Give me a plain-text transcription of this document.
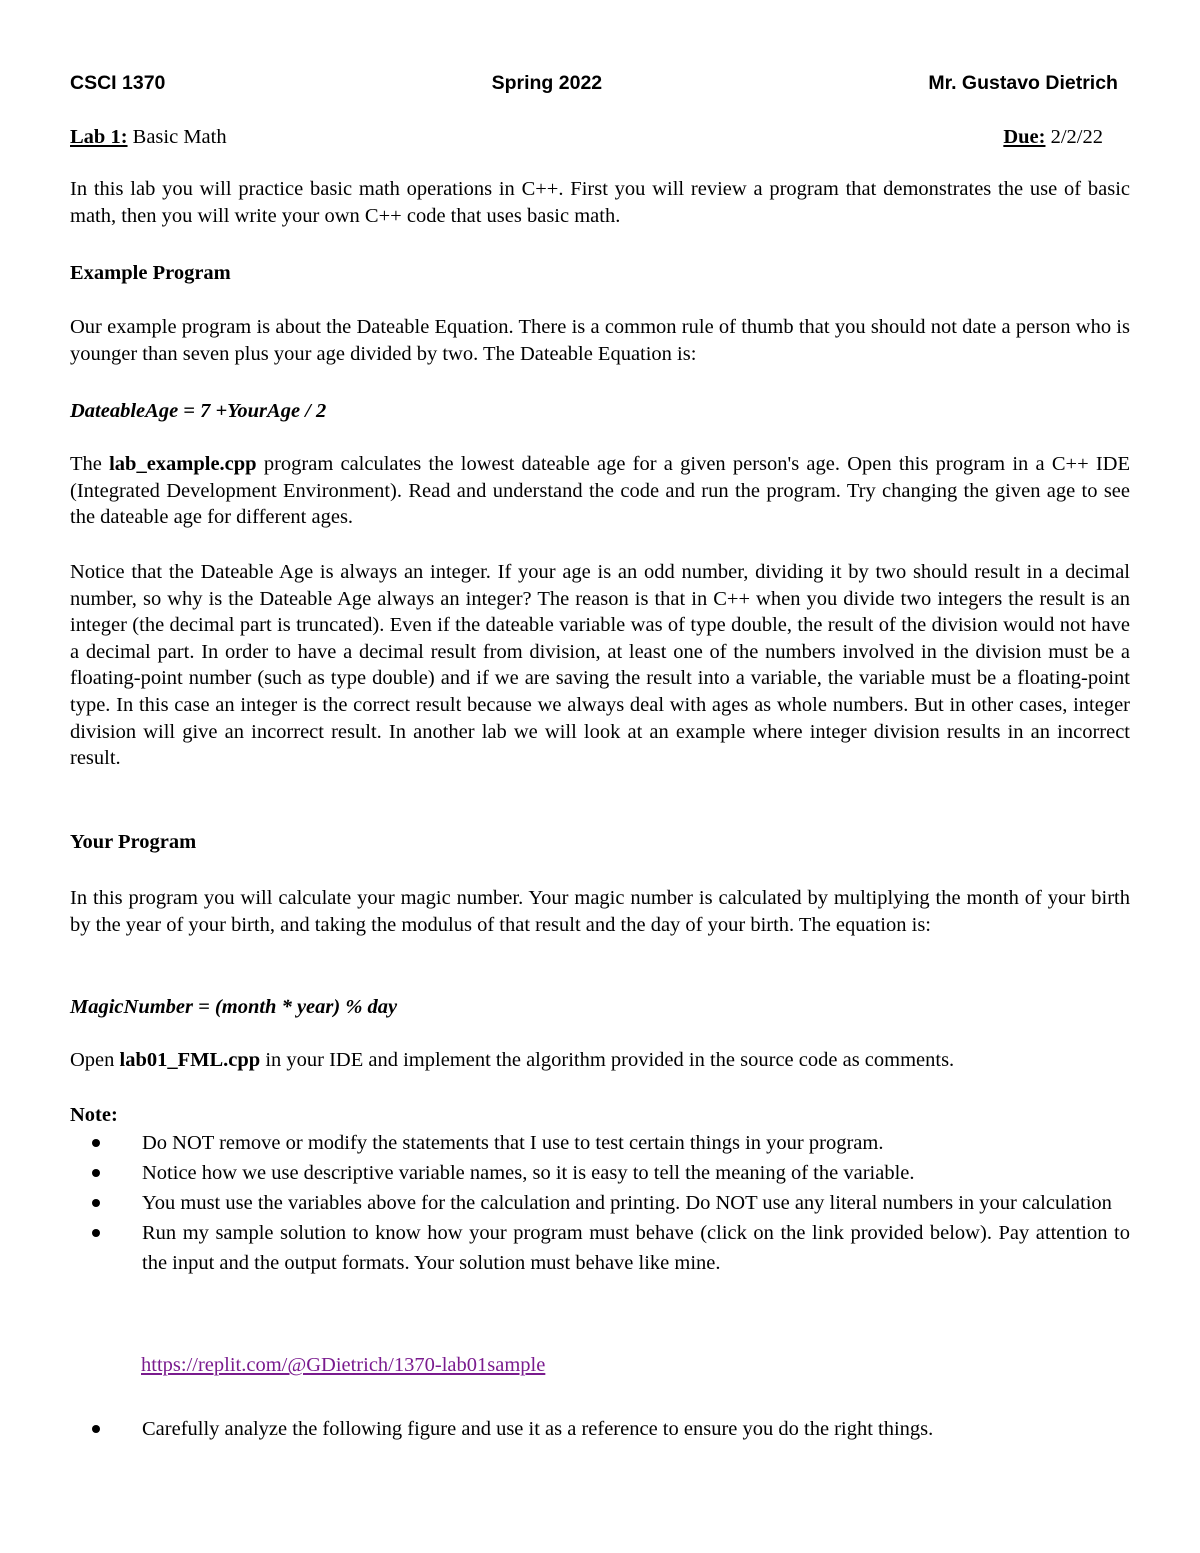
CSCI 1370	Spring 2022	Mr. Gustavo Dietrich
Lab 1: Basic Math	Due: 2/2/22
In this lab you will practice basic math operations in C++. First you will review a program that demonstrates the use of basic math, then you will write your own C++ code that uses basic math.
Example Program
Our example program is about the Dateable Equation. There is a common rule of thumb that you should not date a person who is younger than seven plus your age divided by two. The Dateable Equation is:
DateableAge = 7 +YourAge / 2
The lab_example.cpp program calculates the lowest dateable age for a given person's age. Open this program in a C++ IDE (Integrated Development Environment). Read and understand the code and run the program. Try changing the given age to see the dateable age for different ages.
Notice that the Dateable Age is always an integer. If your age is an odd number, dividing it by two should result in a decimal number, so why is the Dateable Age always an integer? The reason is that in C++ when you divide two integers the result is an integer (the decimal part is truncated). Even if the dateable variable was of type double, the result of the division would not have a decimal part. In order to have a decimal result from division, at least one of the numbers involved in the division must be a floating-point number (such as type double) and if we are saving the result into a variable, the variable must be a floating-point type. In this case an integer is the correct result because we always deal with ages as whole numbers. But in other cases, integer division will give an incorrect result. In another lab we will look at an example where integer division results in an incorrect result.
Your Program
In this program you will calculate your magic number. Your magic number is calculated by multiplying the month of your birth by the year of your birth, and taking the modulus of that result and the day of your birth. The equation is:
MagicNumber = (month * year) % day
Open lab01_FML.cpp in your IDE and implement the algorithm provided in the source code as comments.
Note:
Do NOT remove or modify the statements that I use to test certain things in your program.
Notice how we use descriptive variable names, so it is easy to tell the meaning of the variable.
You must use the variables above for the calculation and printing. Do NOT use any literal numbers in your calculation
Run my sample solution to know how your program must behave (click on the link provided below). Pay attention to the input and the output formats. Your solution must behave like mine.
https://replit.com/@GDietrich/1370-lab01sample
Carefully analyze the following figure and use it as a reference to ensure you do the right things.
